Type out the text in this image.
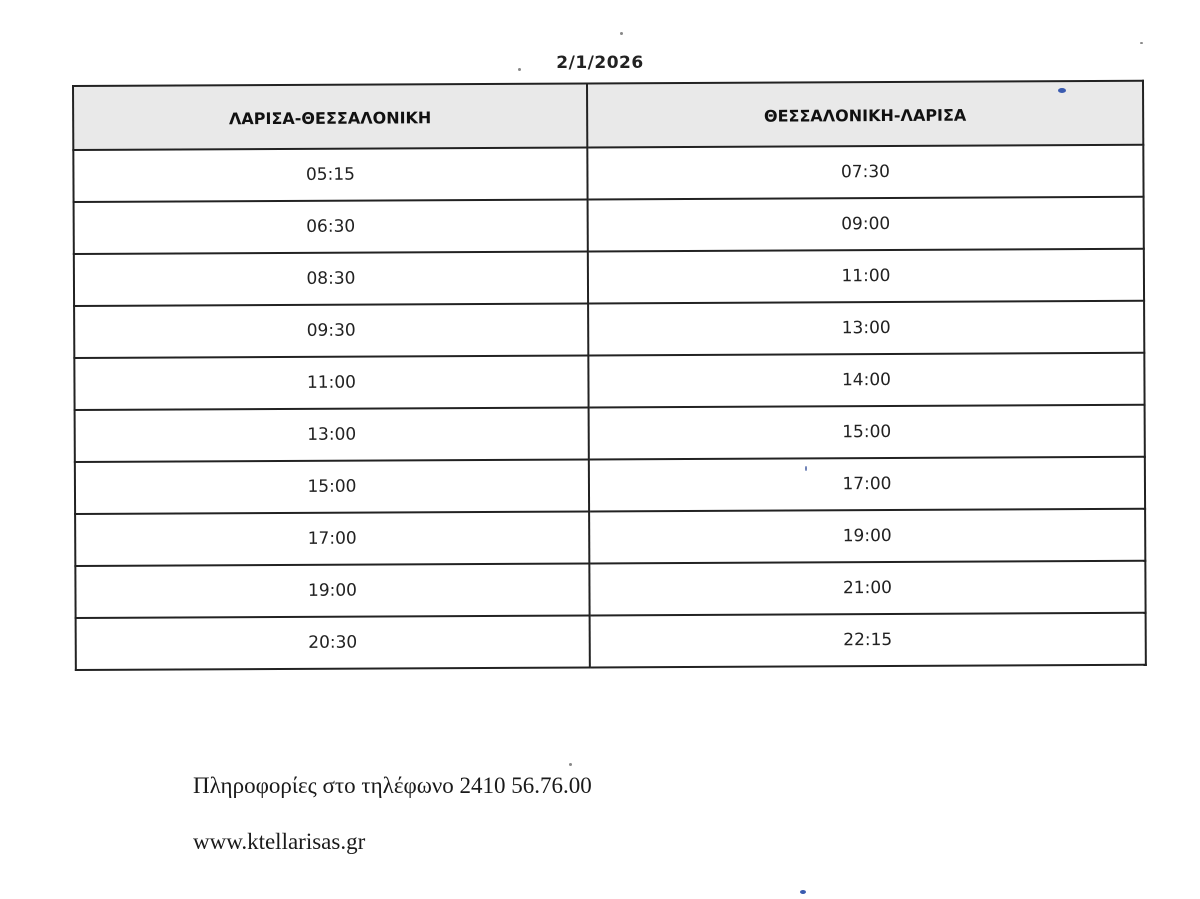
2/1/2026
ΛΑΡΙΣΑ-ΘΕΣΣΑΛΟΝΙΚΗ	ΘΕΣΣΑΛΟΝΙΚΗ-ΛΑΡΙΣΑ
05:15	07:30
06:30	09:00
08:30	11:00
09:30	13:00
11:00	14:00
13:00	15:00
15:00	17:00
17:00	19:00
19:00	21:00
20:30	22:15
Πληροφορίες στο τηλέφωνο 2410 56.76.00
www.ktellarisas.gr
